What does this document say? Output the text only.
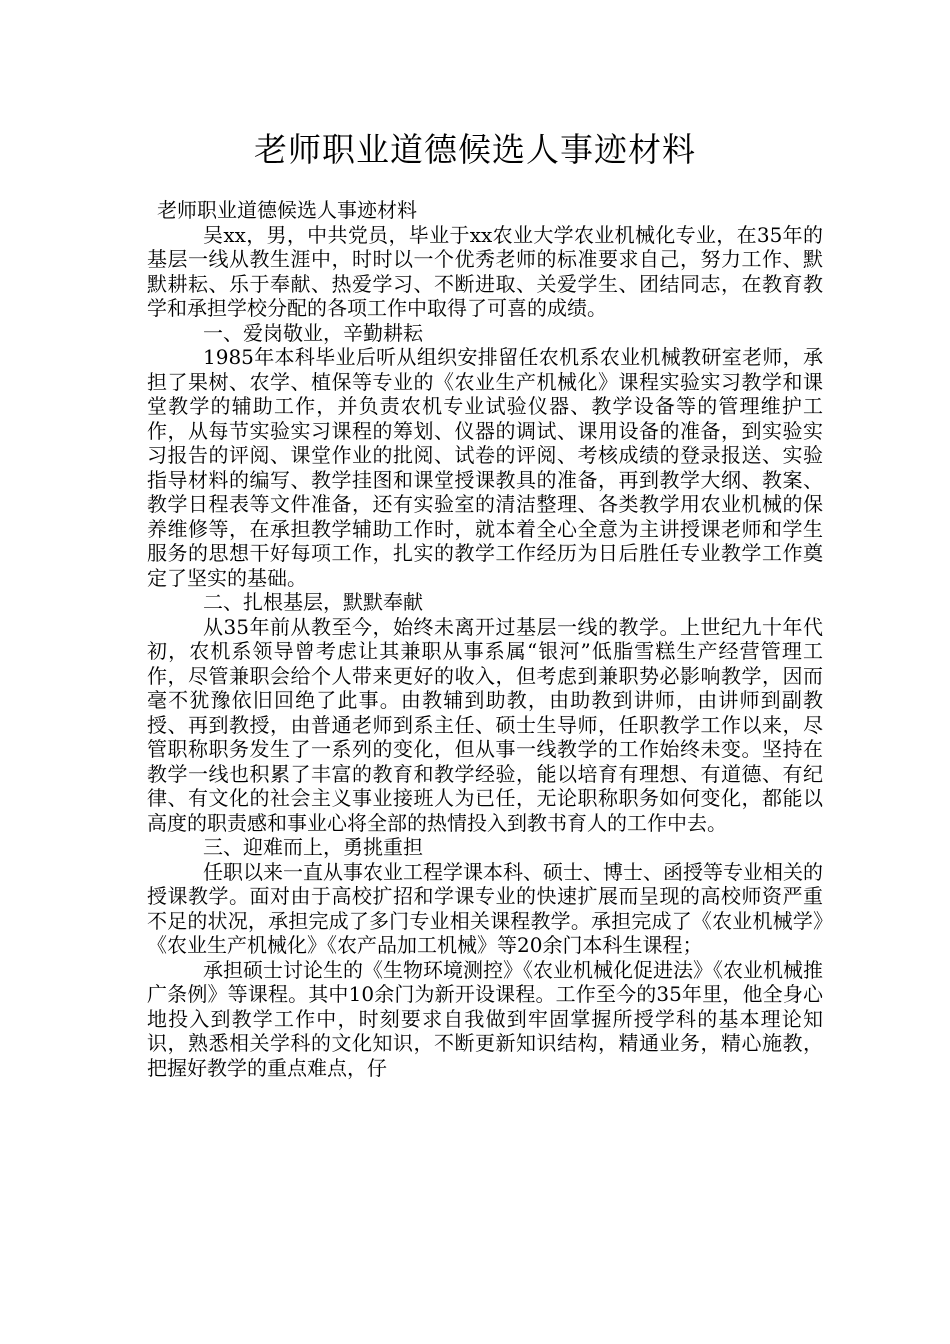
老师职业道德候选人事迹材料

老师职业道德候选人事迹材料

吴xx，男，中共党员，毕业于xx农业大学农业机械化专业，在35年的基层一线从教生涯中，时时以一个优秀老师的标准要求自己，努力工作、默默耕耘、乐于奉献、热爱学习、不断进取、关爱学生、团结同志，在教育教学和承担学校分配的各项工作中取得了可喜的成绩。

一、爱岗敬业，辛勤耕耘

1985年本科毕业后听从组织安排留任农机系农业机械教研室老师，承担了果树、农学、植保等专业的《农业生产机械化》课程实验实习教学和课堂教学的辅助工作，并负责农机专业试验仪器、教学设备等的管理维护工作，从每节实验实习课程的筹划、仪器的调试、课用设备的准备，到实验实习报告的评阅、课堂作业的批阅、试卷的评阅、考核成绩的登录报送、实验指导材料的编写、教学挂图和课堂授课教具的准备，再到教学大纲、教案、教学日程表等文件准备，还有实验室的清洁整理、各类教学用农业机械的保养维修等，在承担教学辅助工作时，就本着全心全意为主讲授课老师和学生服务的思想干好每项工作，扎实的教学工作经历为日后胜任专业教学工作奠定了坚实的基础。

二、扎根基层，默默奉献

从35年前从教至今，始终未离开过基层一线的教学。上世纪九十年代初，农机系领导曾考虑让其兼职从事系属“银河”低脂雪糕生产经营管理工作，尽管兼职会给个人带来更好的收入，但考虑到兼职势必影响教学，因而毫不犹豫依旧回绝了此事。由教辅到助教，由助教到讲师，由讲师到副教授、再到教授，由普通老师到系主任、硕士生导师，任职教学工作以来，尽管职称职务发生了一系列的变化，但从事一线教学的工作始终未变。坚持在教学一线也积累了丰富的教育和教学经验，能以培育有理想、有道德、有纪律、有文化的社会主义事业接班人为已任，无论职称职务如何变化，都能以高度的职责感和事业心将全部的热情投入到教书育人的工作中去。

三、迎难而上，勇挑重担

任职以来一直从事农业工程学课本科、硕士、博士、函授等专业相关的授课教学。面对由于高校扩招和学课专业的快速扩展而呈现的高校师资严重不足的状况，承担完成了多门专业相关课程教学。承担完成了《农业机械学》《农业生产机械化》《农产品加工机械》等20余门本科生课程；

承担硕士讨论生的《生物环境测控》《农业机械化促进法》《农业机械推广条例》等课程。其中10余门为新开设课程。工作至今的35年里，他全身心地投入到教学工作中，时刻要求自我做到牢固掌握所授学科的基本理论知识，熟悉相关学科的文化知识，不断更新知识结构，精通业务，精心施教，把握好教学的重点难点，仔
